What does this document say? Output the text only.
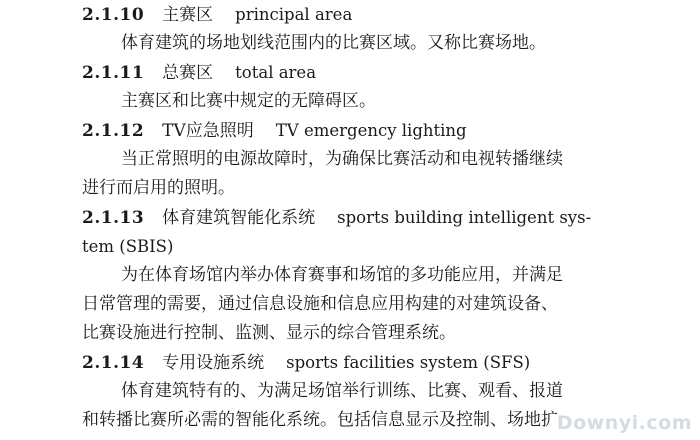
2.1.10 主赛区 principal area
体育建筑的场地划线范围内的比赛区域。又称比赛场地。
2.1.11 总赛区 total area
主赛区和比赛中规定的无障碍区。
2.1.12 TV应急照明 TV emergency lighting
当正常照明的电源故障时，为确保比赛活动和电视转播继续
进行而启用的照明。
2.1.13 体育建筑智能化系统 sports building intelligent sys-
tem (SBIS)
为在体育场馆内举办体育赛事和场馆的多功能应用，并满足
日常管理的需要，通过信息设施和信息应用构建的对建筑设备、
比赛设施进行控制、监测、显示的综合管理系统。
2.1.14 专用设施系统 sports facilities system (SFS)
体育建筑特有的、为满足场馆举行训练、比赛、观看、报道
和转播比赛所必需的智能化系统。包括信息显示及控制、场地扩
Downyi.com
